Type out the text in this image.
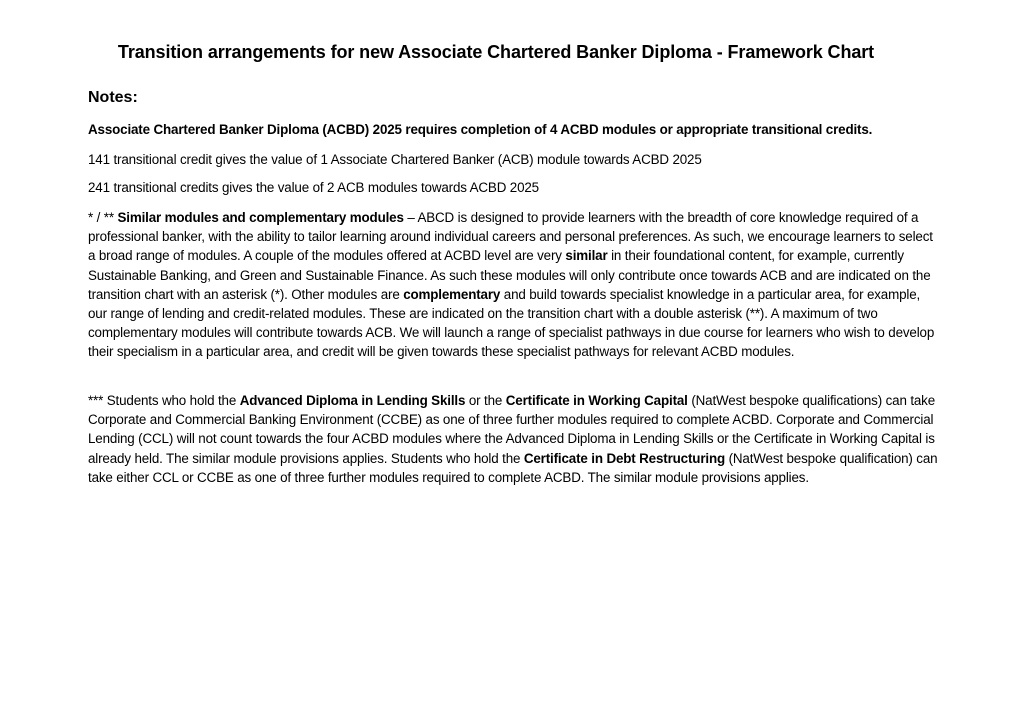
Transition arrangements for new Associate Chartered Banker Diploma - Framework Chart
Notes:
Associate Chartered Banker Diploma (ACBD) 2025 requires completion of 4 ACBD modules or appropriate transitional credits.
141 transitional credit gives the value of 1 Associate Chartered Banker (ACB) module towards ACBD 2025
241 transitional credits gives the value of 2 ACB modules towards ACBD 2025
* / ** Similar modules and complementary modules – ABCD is designed to provide learners with the breadth of core knowledge required of a professional banker, with the ability to tailor learning around individual careers and personal preferences. As such, we encourage learners to select a broad range of modules. A couple of the modules offered at ACBD level are very similar in their foundational content, for example, currently Sustainable Banking, and Green and Sustainable Finance. As such these modules will only contribute once towards ACB and are indicated on the transition chart with an asterisk (*). Other modules are complementary and build towards specialist knowledge in a particular area, for example, our range of lending and credit-related modules. These are indicated on the transition chart with a double asterisk (**). A maximum of two complementary modules will contribute towards ACB. We will launch a range of specialist pathways in due course for learners who wish to develop their specialism in a particular area, and credit will be given towards these specialist pathways for relevant ACBD modules.
*** Students who hold the Advanced Diploma in Lending Skills or the Certificate in Working Capital (NatWest bespoke qualifications) can take Corporate and Commercial Banking Environment (CCBE) as one of three further modules required to complete ACBD. Corporate and Commercial Lending (CCL) will not count towards the four ACBD modules where the Advanced Diploma in Lending Skills or the Certificate in Working Capital is already held. The similar module provisions applies. Students who hold the Certificate in Debt Restructuring (NatWest bespoke qualification) can take either CCL or CCBE as one of three further modules required to complete ACBD. The similar module provisions applies.
